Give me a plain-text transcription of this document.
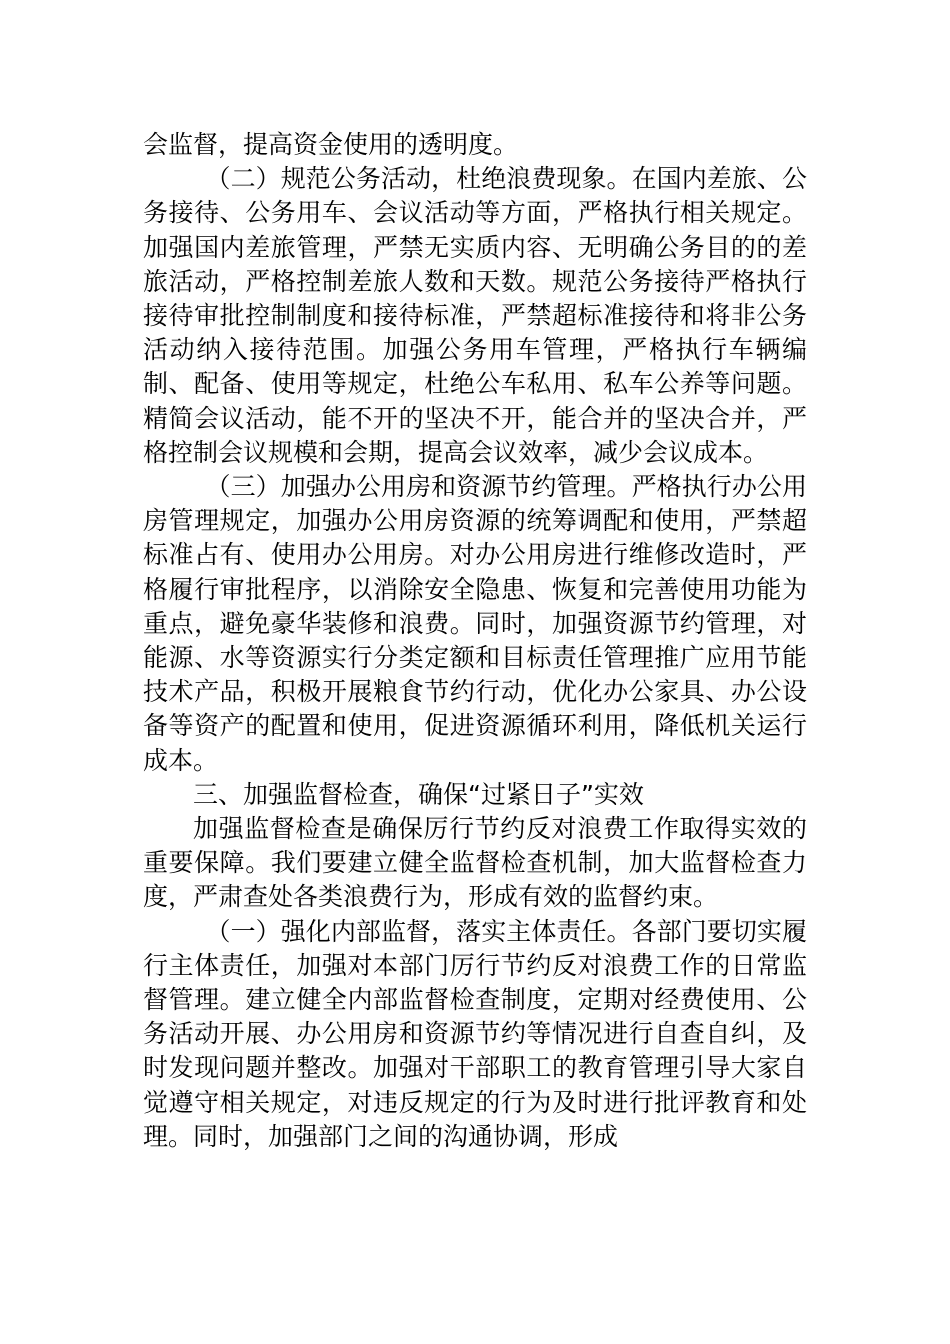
会监督，提高资金使用的透明度。

（二）规范公务活动，杜绝浪费现象。在国内差旅、公务接待、公务用车、会议活动等方面，严格执行相关规定。加强国内差旅管理，严禁无实质内容、无明确公务目的的差旅活动，严格控制差旅人数和天数。规范公务接待严格执行接待审批控制制度和接待标准，严禁超标准接待和将非公务活动纳入接待范围。加强公务用车管理，严格执行车辆编制、配备、使用等规定，杜绝公车私用、私车公养等问题。精简会议活动，能不开的坚决不开，能合并的坚决合并，严格控制会议规模和会期，提高会议效率，减少会议成本。

（三）加强办公用房和资源节约管理。严格执行办公用房管理规定，加强办公用房资源的统筹调配和使用，严禁超标准占有、使用办公用房。对办公用房进行维修改造时，严格履行审批程序，以消除安全隐患、恢复和完善使用功能为重点，避免豪华装修和浪费。同时，加强资源节约管理，对能源、水等资源实行分类定额和目标责任管理推广应用节能技术产品，积极开展粮食节约行动，优化办公家具、办公设备等资产的配置和使用，促进资源循环利用，降低机关运行成本。

三、加强监督检查，确保“过紧日子”实效

加强监督检查是确保厉行节约反对浪费工作取得实效的重要保障。我们要建立健全监督检查机制，加大监督检查力度，严肃查处各类浪费行为，形成有效的监督约束。

（一）强化内部监督，落实主体责任。各部门要切实履行主体责任，加强对本部门厉行节约反对浪费工作的日常监督管理。建立健全内部监督检查制度，定期对经费使用、公务活动开展、办公用房和资源节约等情况进行自查自纠，及时发现问题并整改。加强对干部职工的教育管理引导大家自觉遵守相关规定，对违反规定的行为及时进行批评教育和处理。同时，加强部门之间的沟通协调，形成
